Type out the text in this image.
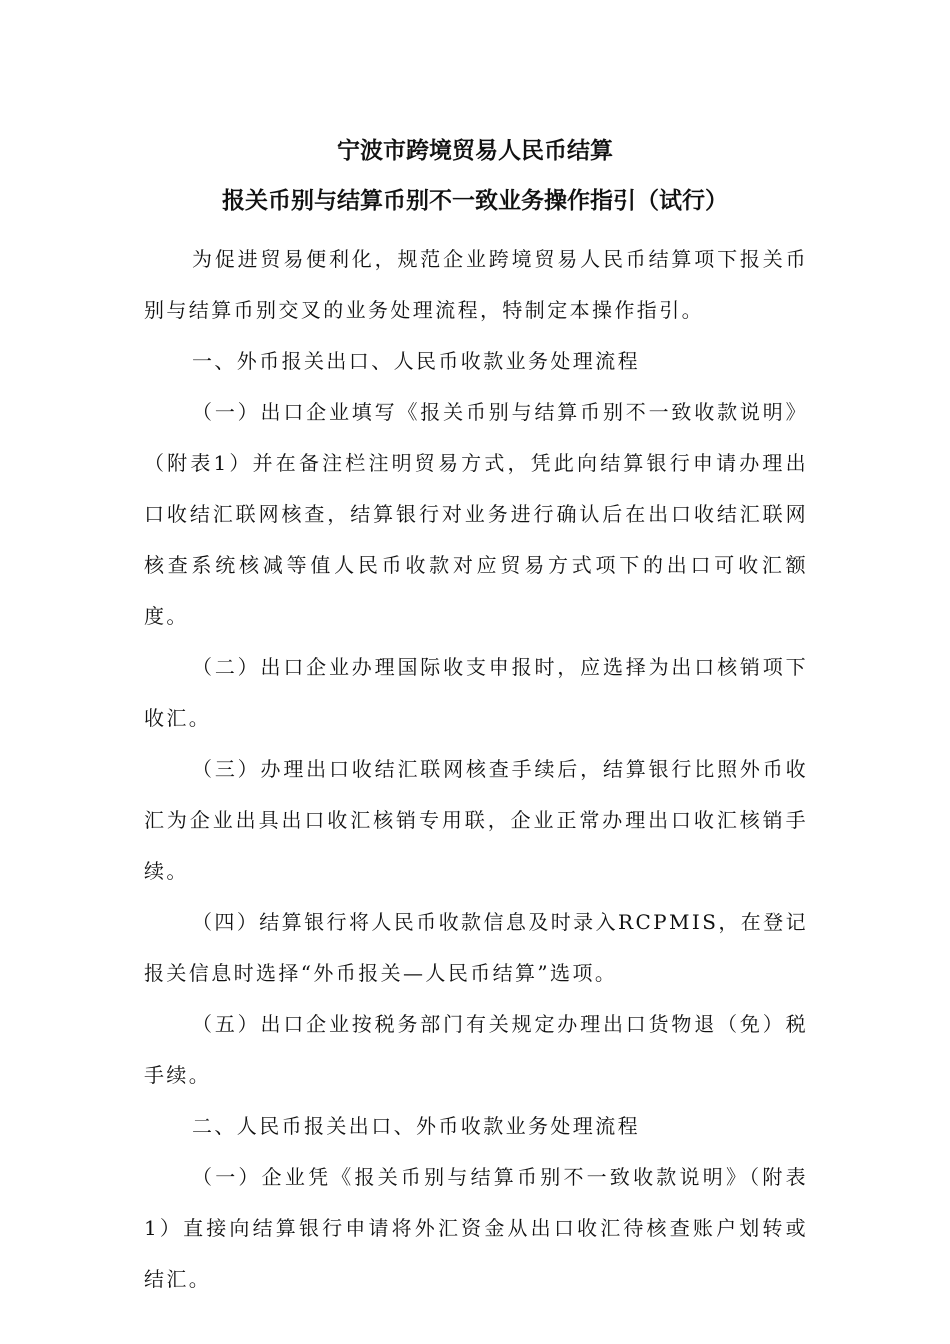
宁波市跨境贸易人民币结算
报关币别与结算币别不一致业务操作指引（试行）

为促进贸易便利化，规范企业跨境贸易人民币结算项下报关币别与结算币别交叉的业务处理流程，特制定本操作指引。

一、外币报关出口、人民币收款业务处理流程

（一）出口企业填写《报关币别与结算币别不一致收款说明》（附表1）并在备注栏注明贸易方式，凭此向结算银行申请办理出口收结汇联网核查，结算银行对业务进行确认后在出口收结汇联网核查系统核减等值人民币收款对应贸易方式项下的出口可收汇额度。

（二）出口企业办理国际收支申报时，应选择为出口核销项下收汇。

（三）办理出口收结汇联网核查手续后，结算银行比照外币收汇为企业出具出口收汇核销专用联，企业正常办理出口收汇核销手续。

（四）结算银行将人民币收款信息及时录入RCPMIS，在登记报关信息时选择“外币报关—人民币结算”选项。

（五）出口企业按税务部门有关规定办理出口货物退（免）税手续。

二、人民币报关出口、外币收款业务处理流程

（一）企业凭《报关币别与结算币别不一致收款说明》（附表1）直接向结算银行申请将外汇资金从出口收汇待核查账户划转或结汇。
